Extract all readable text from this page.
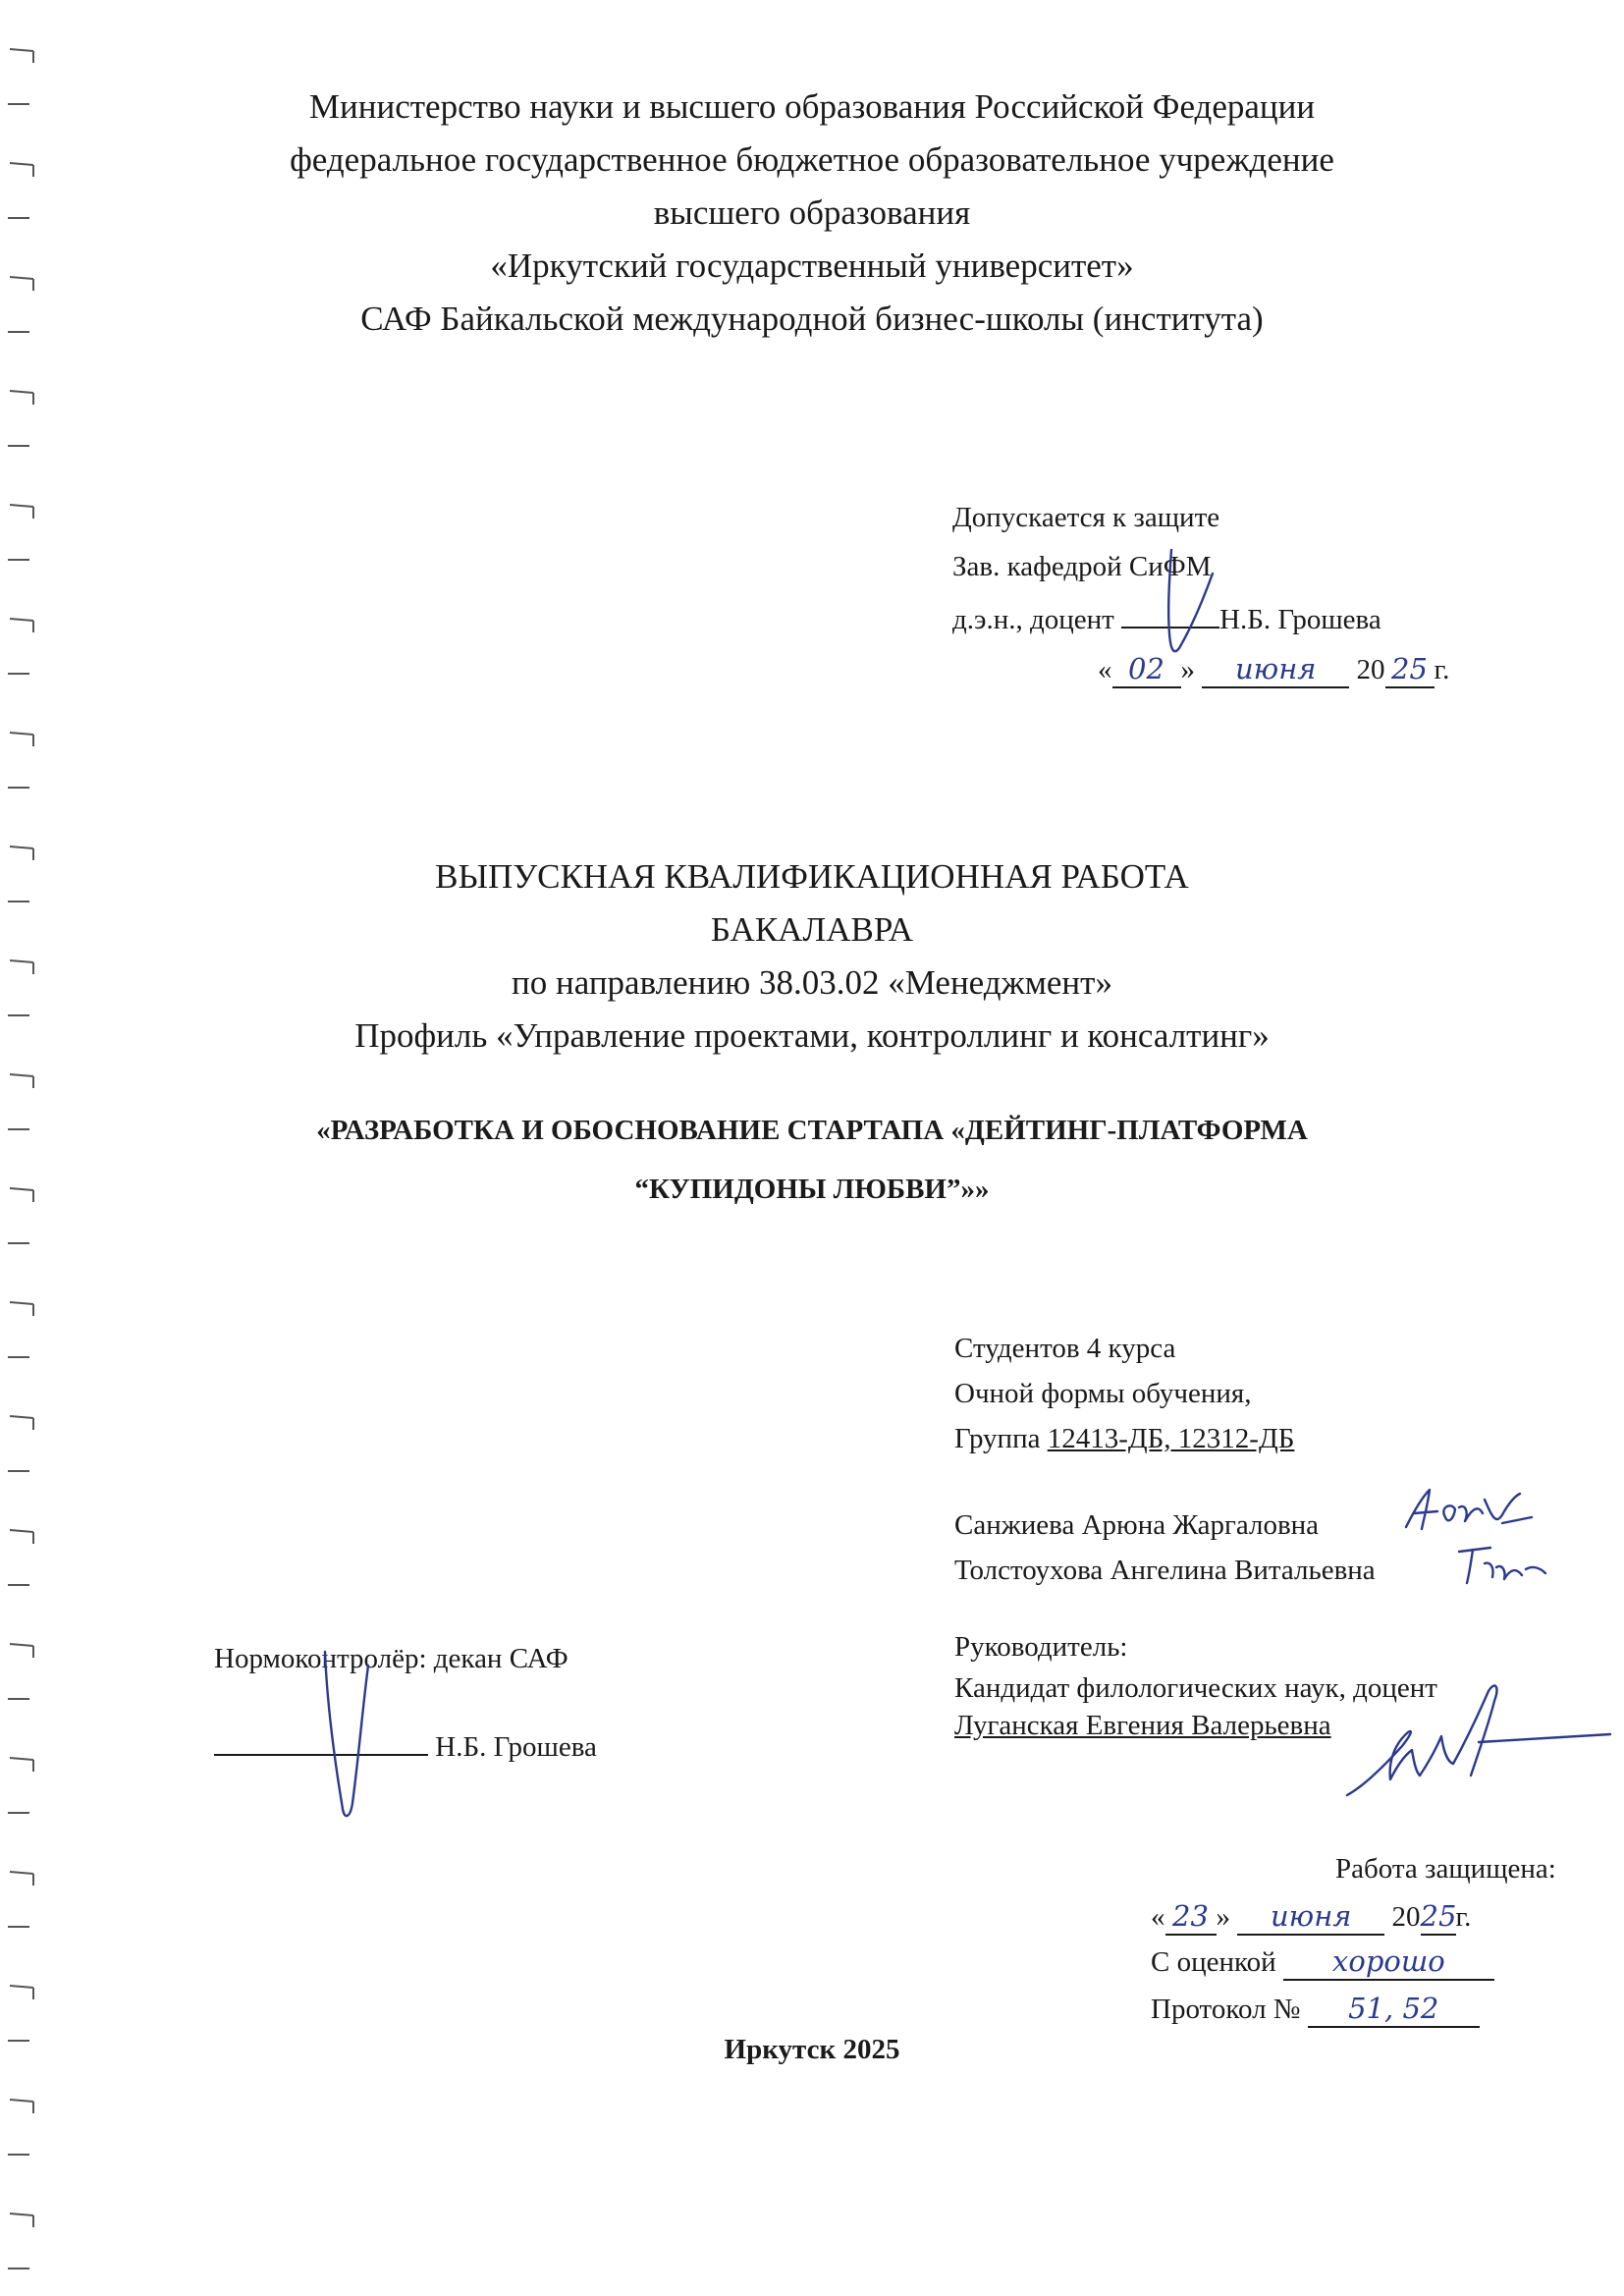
Министерство науки и высшего образования Российской Федерации
федеральное государственное бюджетное образовательное учреждение
высшего образования
«Иркутский государственный университет»
САФ Байкальской международной бизнес-школы (института)
Допускается к защите
Зав. кафедрой СиФМ
д.э.н., доцент	Н.Б. Грошева
« 02 » июня 20 25 г.
ВЫПУСКНАЯ КВАЛИФИКАЦИОННАЯ РАБОТА
БАКАЛАВРА
по направлению 38.03.02 «Менеджмент»
Профиль «Управление проектами, контроллинг и консалтинг»
«РАЗРАБОТКА И ОБОСНОВАНИЕ СТАРТАПА «ДЕЙТИНГ-ПЛАТФОРМА
“КУПИДОНЫ ЛЮБВИ”»»
Студентов 4 курса
Очной формы обучения,
Группа 12413-ДБ, 12312-ДБ
Санжиева Арюна Жаргаловна
Толстоухова Ангелина Витальевна
Руководитель:
Кандидат филологических наук, доцент
Луганская Евгения Валерьевна
Нормоконтролёр: декан САФ
Н.Б. Грошева
Работа защищена:
« 23 » июня 2025г.
С оценкой хорошо
Протокол № 51, 52
Иркутск 2025
